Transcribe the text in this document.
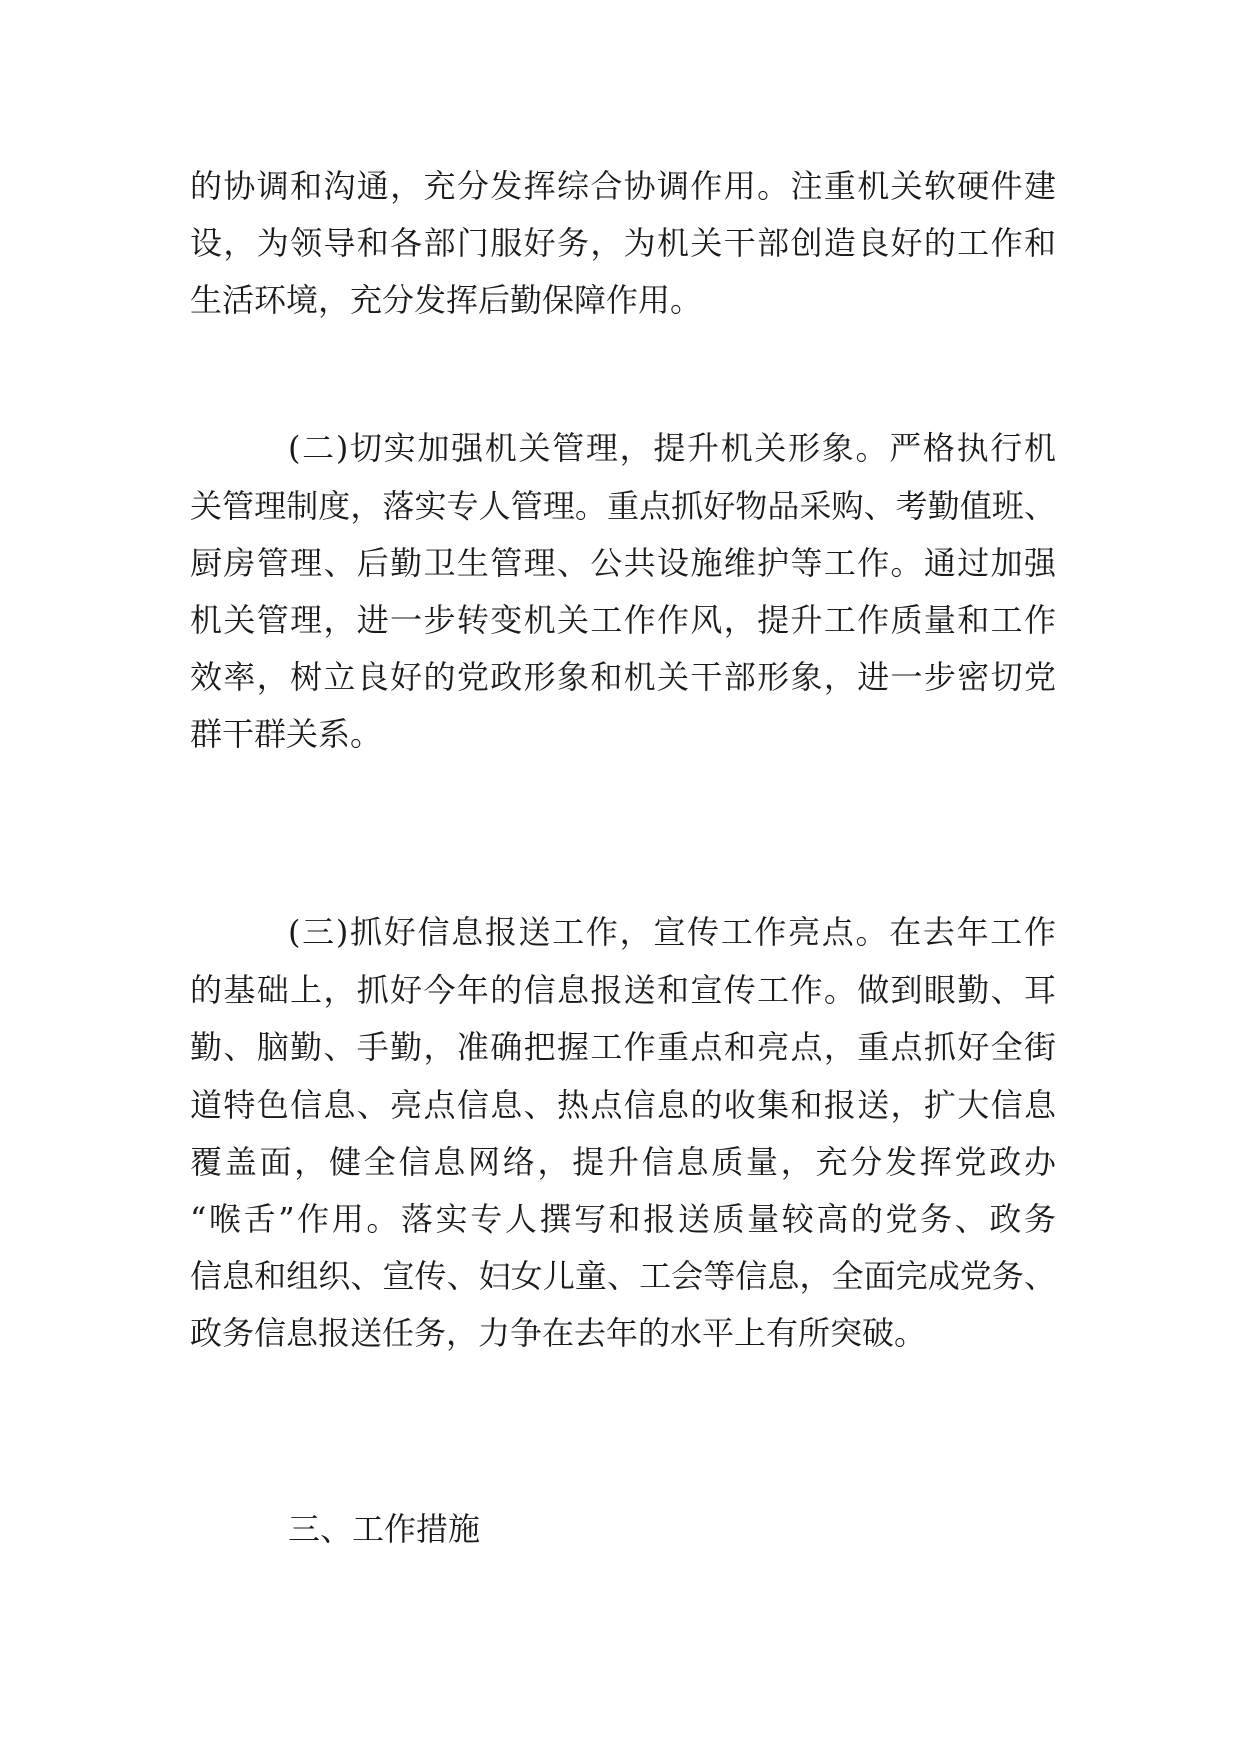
的协调和沟通，充分发挥综合协调作用。注重机关软硬件建
设，为领导和各部门服好务，为机关干部创造良好的工作和
生活环境，充分发挥后勤保障作用。
(二)切实加强机关管理，提升机关形象。严格执行机
关管理制度，落实专人管理。重点抓好物品采购、考勤值班、
厨房管理、后勤卫生管理、公共设施维护等工作。通过加强
机关管理，进一步转变机关工作作风，提升工作质量和工作
效率，树立良好的党政形象和机关干部形象，进一步密切党
群干群关系。
(三)抓好信息报送工作，宣传工作亮点。在去年工作
的基础上，抓好今年的信息报送和宣传工作。做到眼勤、耳
勤、脑勤、手勤，准确把握工作重点和亮点，重点抓好全街
道特色信息、亮点信息、热点信息的收集和报送，扩大信息
覆盖面，健全信息网络，提升信息质量，充分发挥党政办
“喉舌”作用。落实专人撰写和报送质量较高的党务、政务
信息和组织、宣传、妇女儿童、工会等信息，全面完成党务、
政务信息报送任务，力争在去年的水平上有所突破。
三、工作措施
